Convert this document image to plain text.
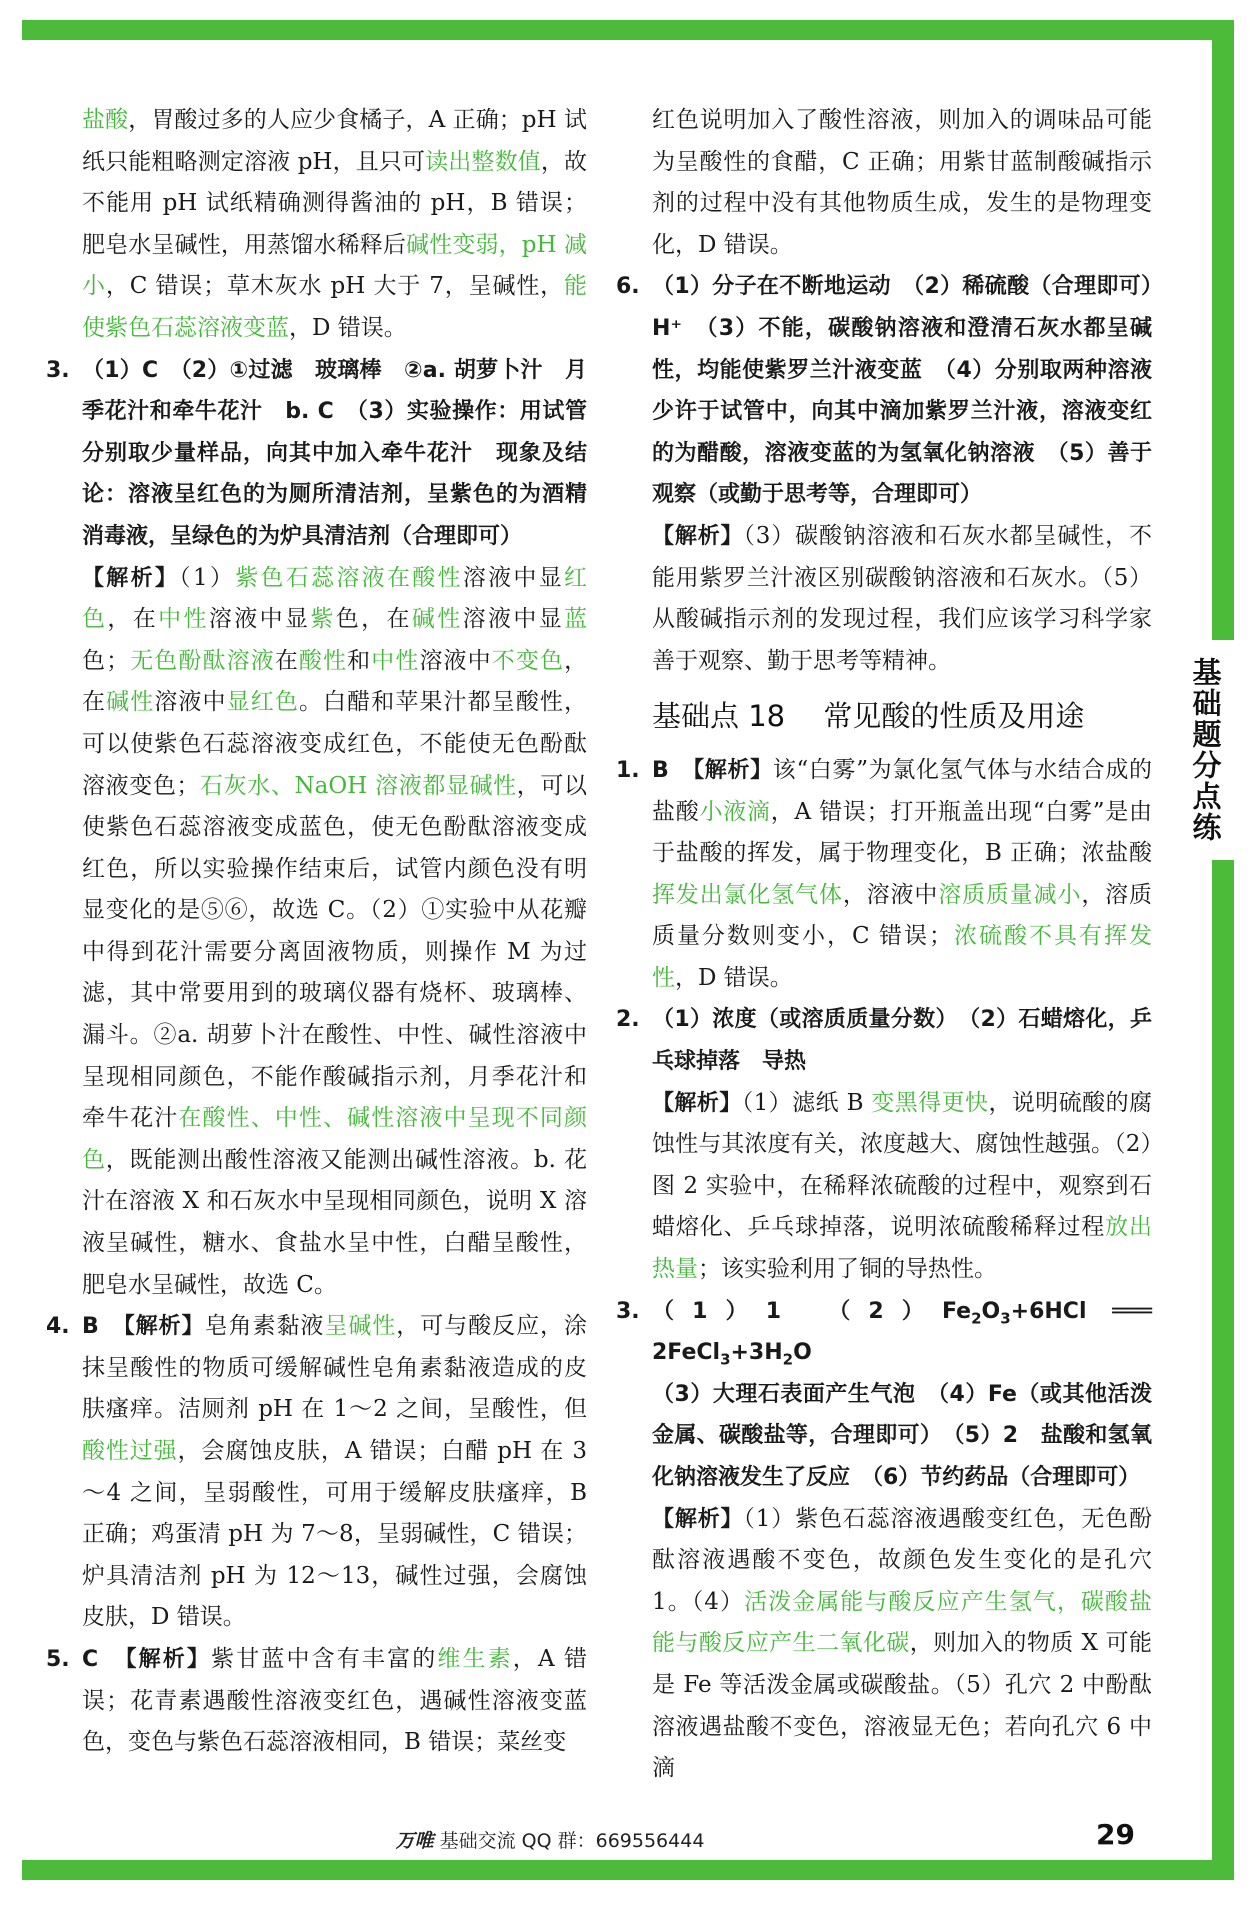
基础题分点练

盐酸，胃酸过多的人应少食橘子，A 正确；pH 试纸只能粗略测定溶液 pH，且只可读出整数值，故不能用 pH 试纸精确测得酱油的 pH，B 错误；肥皂水呈碱性，用蒸馏水稀释后碱性变弱，pH 减小，C 错误；草木灰水 pH 大于 7，呈碱性，能使紫色石蕊溶液变蓝，D 错误。

3. （1）C　（2）①过滤　玻璃棒　②a. 胡萝卜汁　月季花汁和牵牛花汁　b. C　（3）实验操作：用试管分别取少量样品，向其中加入牵牛花汁　现象及结论：溶液呈红色的为厕所清洁剂，呈紫色的为酒精消毒液，呈绿色的为炉具清洁剂（合理即可）

【解析】（1）紫色石蕊溶液在酸性溶液中显红色，在中性溶液中显紫色，在碱性溶液中显蓝色；无色酚酞溶液在酸性和中性溶液中不变色，在碱性溶液中显红色。白醋和苹果汁都呈酸性，可以使紫色石蕊溶液变成红色，不能使无色酚酞溶液变色；石灰水、NaOH 溶液都显碱性，可以使紫色石蕊溶液变成蓝色，使无色酚酞溶液变成红色，所以实验操作结束后，试管内颜色没有明显变化的是⑤⑥，故选 C。（2）①实验中从花瓣中得到花汁需要分离固液物质，则操作 M 为过滤，其中常要用到的玻璃仪器有烧杯、玻璃棒、漏斗。②a. 胡萝卜汁在酸性、中性、碱性溶液中呈现相同颜色，不能作酸碱指示剂，月季花汁和牵牛花汁在酸性、中性、碱性溶液中呈现不同颜色，既能测出酸性溶液又能测出碱性溶液。b. 花汁在溶液 X 和石灰水中呈现相同颜色，说明 X 溶液呈碱性，糖水、食盐水呈中性，白醋呈酸性，肥皂水呈碱性，故选 C。

4. B　 【解析】皂角素黏液呈碱性，可与酸反应，涂抹呈酸性的物质可缓解碱性皂角素黏液造成的皮肤瘙痒。洁厕剂 pH 在 1～2 之间，呈酸性，但酸性过强，会腐蚀皮肤，A 错误；白醋 pH 在 3～4 之间，呈弱酸性，可用于缓解皮肤瘙痒，B 正确；鸡蛋清 pH 为 7～8，呈弱碱性，C 错误；炉具清洁剂 pH 为 12～13，碱性过强，会腐蚀皮肤，D 错误。

5. C　 【解析】紫甘蓝中含有丰富的维生素，A 错误；花青素遇酸性溶液变红色，遇碱性溶液变蓝色，变色与紫色石蕊溶液相同，B 错误；菜丝变

红色说明加入了酸性溶液，则加入的调味品可能为呈酸性的食醋，C 正确；用紫甘蓝制酸碱指示剂的过程中没有其他物质生成，发生的是物理变化，D 错误。

6. （1）分子在不断地运动　（2）稀硫酸（合理即可）　H⁺　（3）不能，碳酸钠溶液和澄清石灰水都呈碱性，均能使紫罗兰汁液变蓝　（4）分别取两种溶液少许于试管中，向其中滴加紫罗兰汁液，溶液变红的为醋酸，溶液变蓝的为氢氧化钠溶液　（5）善于观察（或勤于思考等，合理即可）

【解析】（3）碳酸钠溶液和石灰水都呈碱性，不能用紫罗兰汁液区别碳酸钠溶液和石灰水。（5）从酸碱指示剂的发现过程，我们应该学习科学家善于观察、勤于思考等精神。

基础点 18　 常见酸的性质及用途
1. B　 【解析】该“白雾”为氯化氢气体与水结合成的盐酸小液滴，A 错误；打开瓶盖出现“白雾”是由于盐酸的挥发，属于物理变化，B 正确；浓盐酸挥发出氯化氢气体，溶液中溶质质量减小，溶质质量分数则变小，C 错误；浓硫酸不具有挥发性，D 错误。

2. （1）浓度（或溶质质量分数）　（2）石蜡熔化，乒乓球掉落　导热

【解析】（1）滤纸 B 变黑得更快，说明硫酸的腐蚀性与其浓度有关，浓度越大、腐蚀性越强。（2）图 2 实验中，在稀释浓硫酸的过程中，观察到石蜡熔化、乒乓球掉落，说明浓硫酸稀释过程放出热量；该实验利用了铜的导热性。

3. （1）1　$(2)Fe_2O_3+6HCl$ ═══ $2FeCl_3+3H_2O$

（3）大理石表面产生气泡　（4）Fe（或其他活泼金属、碳酸盐等，合理即可）　（5）2　盐酸和氢氧化钠溶液发生了反应　（6）节约药品（合理即可）

【解析】（1）紫色石蕊溶液遇酸变红色，无色酚酞溶液遇酸不变色，故颜色发生变化的是孔穴 1。（4）活泼金属能与酸反应产生氢气，碳酸盐能与酸反应产生二氧化碳，则加入的物质 X 可能是 Fe 等活泼金属或碳酸盐。（5）孔穴 2 中酚酞溶液遇盐酸不变色，溶液显无色；若向孔穴 6 中滴

万唯 基础交流 QQ 群：669556444	29
